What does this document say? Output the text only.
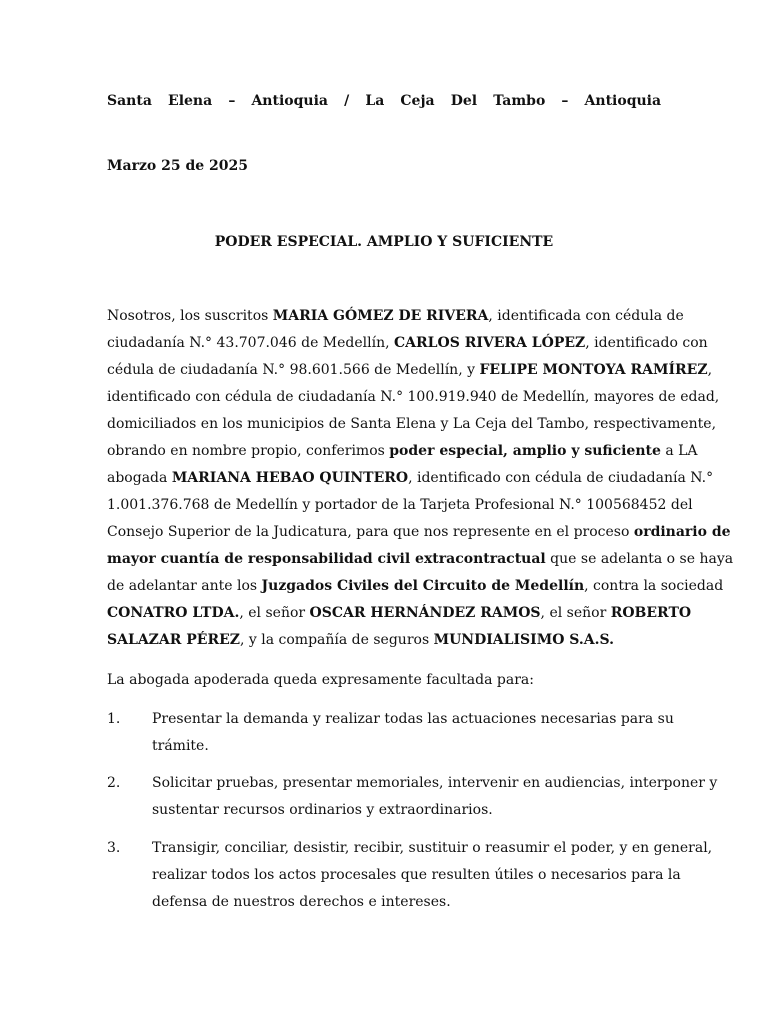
Santa Elena – Antioquia / La Ceja Del Tambo – Antioquia
Marzo 25 de 2025
PODER ESPECIAL. AMPLIO Y SUFICIENTE
Nosotros, los suscritos MARIA GÓMEZ DE RIVERA, identificada con cédula de
ciudadanía N.° 43.707.046 de Medellín, CARLOS RIVERA LÓPEZ, identificado con
cédula de ciudadanía N.° 98.601.566 de Medellín, y FELIPE MONTOYA RAMÍREZ,
identificado con cédula de ciudadanía N.° 100.919.940 de Medellín, mayores de edad,
domiciliados en los municipios de Santa Elena y La Ceja del Tambo, respectivamente,
obrando en nombre propio, conferimos poder especial, amplio y suficiente a LA
abogada MARIANA HEBAO QUINTERO, identificado con cédula de ciudadanía N.°
1.001.376.768 de Medellín y portador de la Tarjeta Profesional N.° 100568452 del
Consejo Superior de la Judicatura, para que nos represente en el proceso ordinario de
mayor cuantía de responsabilidad civil extracontractual que se adelanta o se haya
de adelantar ante los Juzgados Civiles del Circuito de Medellín, contra la sociedad
CONATRO LTDA., el señor OSCAR HERNÁNDEZ RAMOS, el señor ROBERTO
SALAZAR PÉREZ, y la compañía de seguros MUNDIALISIMO S.A.S.
La abogada apoderada queda expresamente facultada para:
1. Presentar la demanda y realizar todas las actuaciones necesarias para su
trámite.
2. Solicitar pruebas, presentar memoriales, intervenir en audiencias, interponer y
sustentar recursos ordinarios y extraordinarios.
3. Transigir, conciliar, desistir, recibir, sustituir o reasumir el poder, y en general,
realizar todos los actos procesales que resulten útiles o necesarios para la
defensa de nuestros derechos e intereses.
